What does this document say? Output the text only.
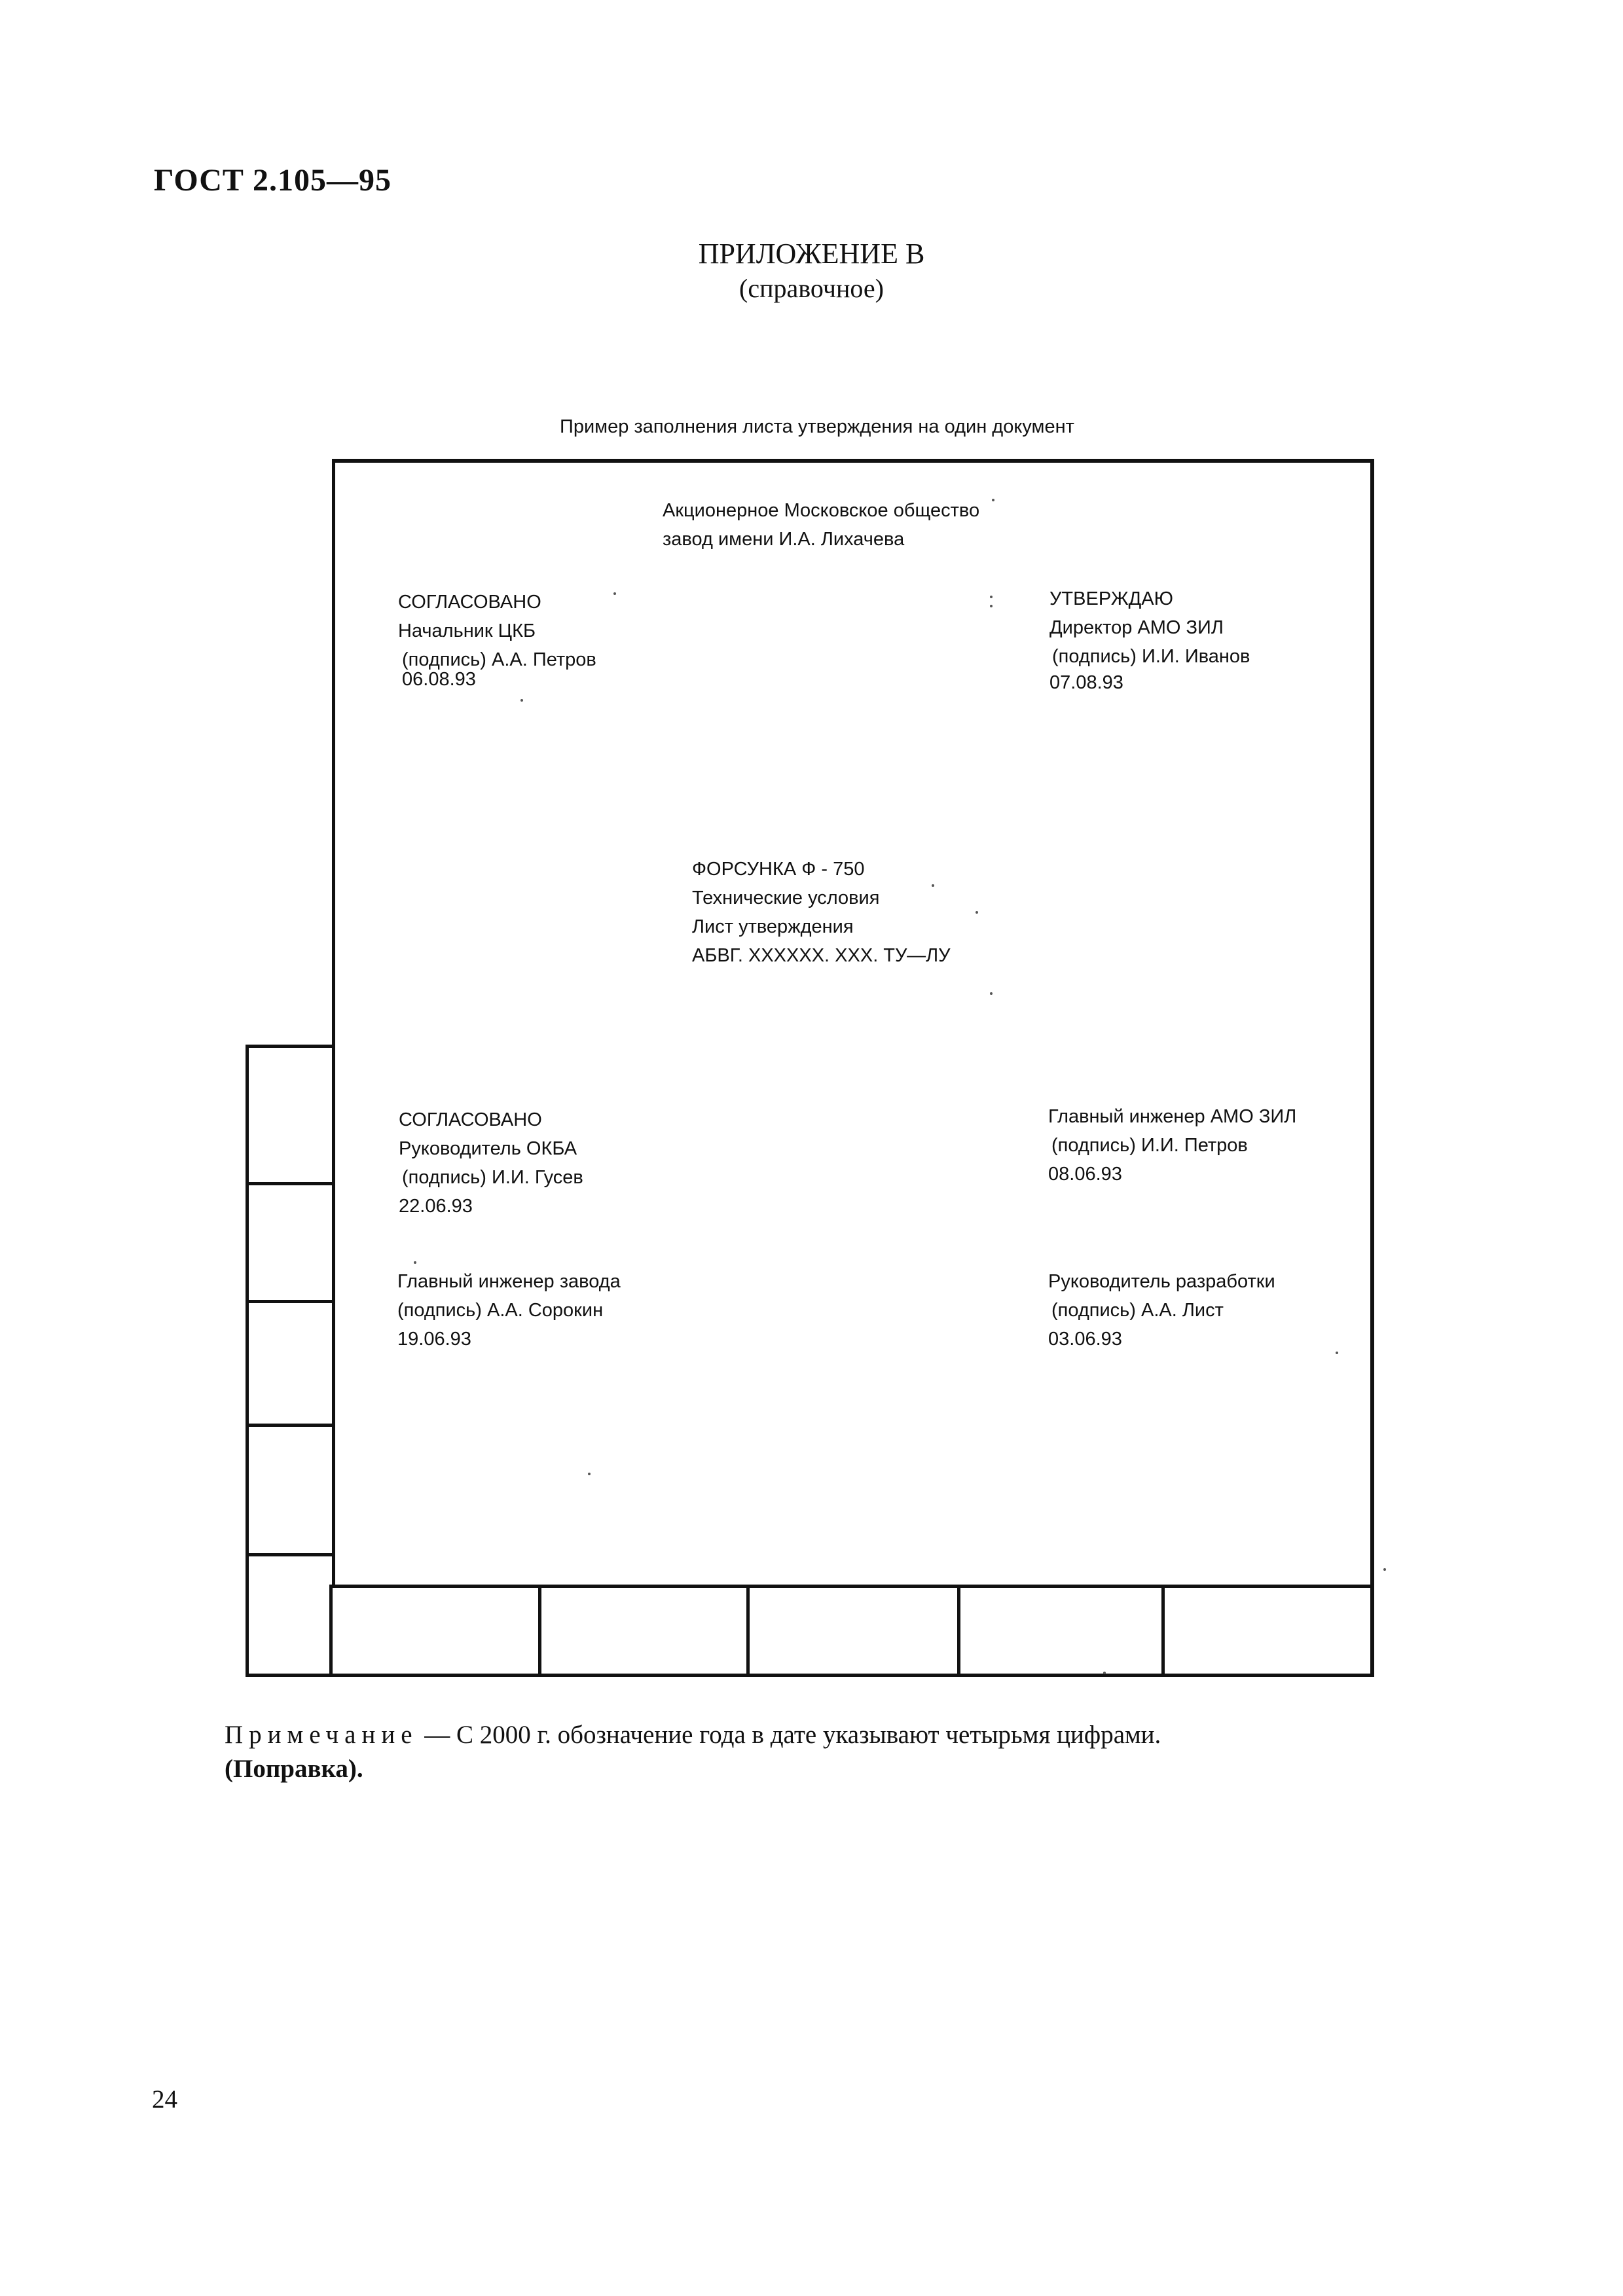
ГОСТ 2.105—95
ПРИЛОЖЕНИЕ В
(справочное)
Пример заполнения листа утверждения на один документ
Акционерное Московское общество
завод имени И.А. Лихачева
СОГЛАСОВАНО
Начальник ЦКБ
(подпись) А.А. Петров
06.08.93
УТВЕРЖДАЮ
Директор АМО ЗИЛ
(подпись) И.И. Иванов
07.08.93
ФОРСУНКА Ф - 750
Технические условия
Лист утверждения
АБВГ. XXXXXX. XXX. ТУ—ЛУ
СОГЛАСОВАНО
Руководитель ОКБА
(подпись) И.И. Гусев
22.06.93
Главный инженер АМО ЗИЛ
(подпись) И.И. Петров
08.06.93
Главный инженер завода
(подпись) А.А. Сорокин
19.06.93
Руководитель разработки
(подпись) А.А. Лист
03.06.93
Примечание — С 2000 г. обозначение года в дате указывают четырьмя цифрами.
(Поправка).
24
